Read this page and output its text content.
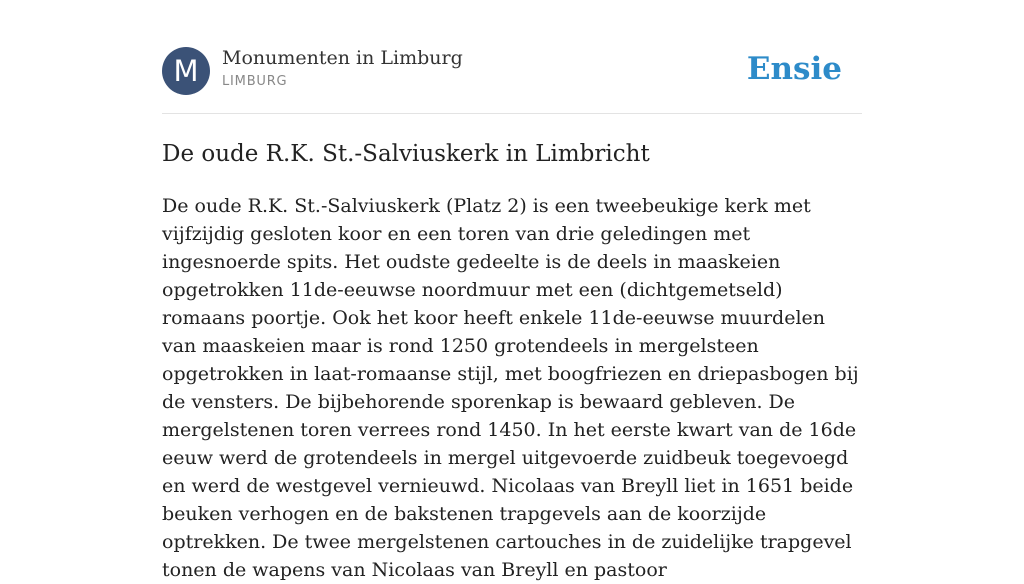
M	Monumenten in Limburg
LIMBURG	Ensie
De oude R.K. St.-Salviuskerk in Limbricht

De oude R.K. St.-Salviuskerk (Platz 2) is een tweebeukige kerk met vijfzijdig gesloten koor en een toren van drie geledingen met ingesnoerde spits. Het oudste gedeelte is de deels in maaskeien opgetrokken 11de-eeuwse noordmuur met een (dichtgemetseld) romaans poortje. Ook het koor heeft enkele 11de-eeuwse muurdelen van maaskeien maar is rond 1250 grotendeels in mergelsteen opgetrokken in laat-romaanse stijl, met boogfriezen en driepasbogen bij de vensters. De bijbehorende sporenkap is bewaard gebleven. De mergelstenen toren verrees rond 1450. In het eerste kwart van de 16de eeuw werd de grotendeels in mergel uitgevoerde zuidbeuk toegevoegd en werd de westgevel vernieuwd. Nicolaas van Breyll liet in 1651 beide beuken verhogen en de bakstenen trapgevels aan de koorzijde optrekken. De twee mergelstenen cartouches in de zuidelijke trapgevel tonen de wapens van Nicolaas van Breyll en pastoor
